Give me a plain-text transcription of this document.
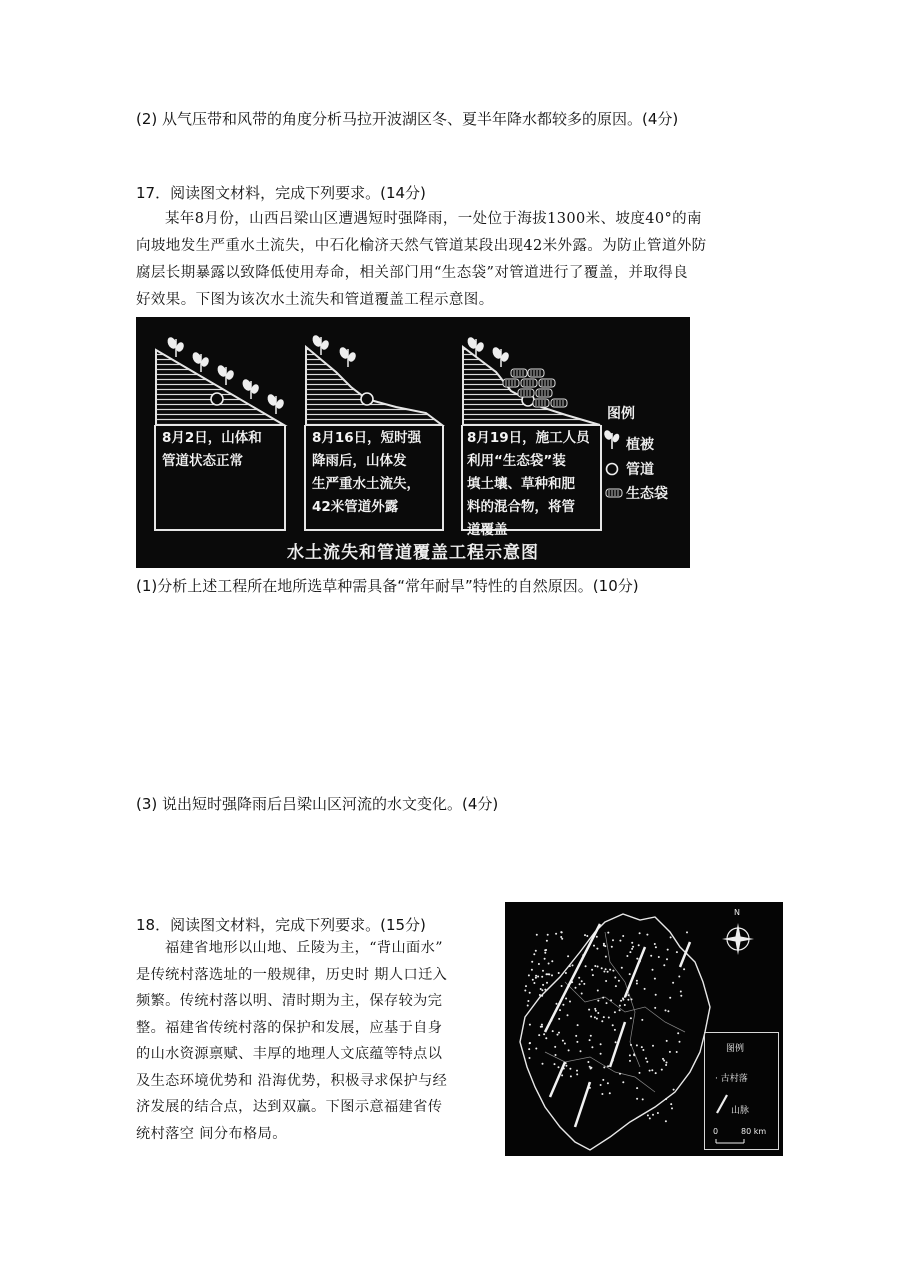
(2) 从气压带和风带的角度分析马拉开波湖区冬、夏半年降水都较多的原因。(4分)
17．阅读图文材料，完成下列要求。(14分)
某年8月份，山西吕梁山区遭遇短时强降雨，一处位于海拔1300米、坡度40°的南
向坡地发生严重水土流失，中石化榆济天然气管道某段出现42米外露。为防止管道外防
腐层长期暴露以致降低使用寿命，相关部门用“生态袋”对管道进行了覆盖，并取得良
好效果。下图为该次水土流失和管道覆盖工程示意图。
8月2日，山体和
管道状态正常
8月16日，短时强
降雨后，山体发
生严重水土流失，
42米管道外露
8月19日，施工人员
利用“生态袋”装
填土壤、草种和肥
料的混合物，将管
道覆盖
图例
植被
管道
生态袋
水土流失和管道覆盖工程示意图
(1)分析上述工程所在地所选草种需具备“常年耐旱”特性的自然原因。(10分)
(3) 说出短时强降雨后吕梁山区河流的水文变化。(4分)
18．阅读图文材料，完成下列要求。(15分)
福建省地形以山地、丘陵为主，“背山面水”
是传统村落选址的一般规律，历史时 期人口迁入
频繁。传统村落以明、清时期为主，保存较为完
整。福建省传统村落的保护和发展，应基于自身
的山水资源禀赋、丰厚的地理人文底蕴等特点以
及生态环境优势和 沿海优势，积极寻求保护与经
济发展的结合点，达到双赢。下图示意福建省传
统村落空 间分布格局。
N
图例
· 古村落
山脉
0	80 km
